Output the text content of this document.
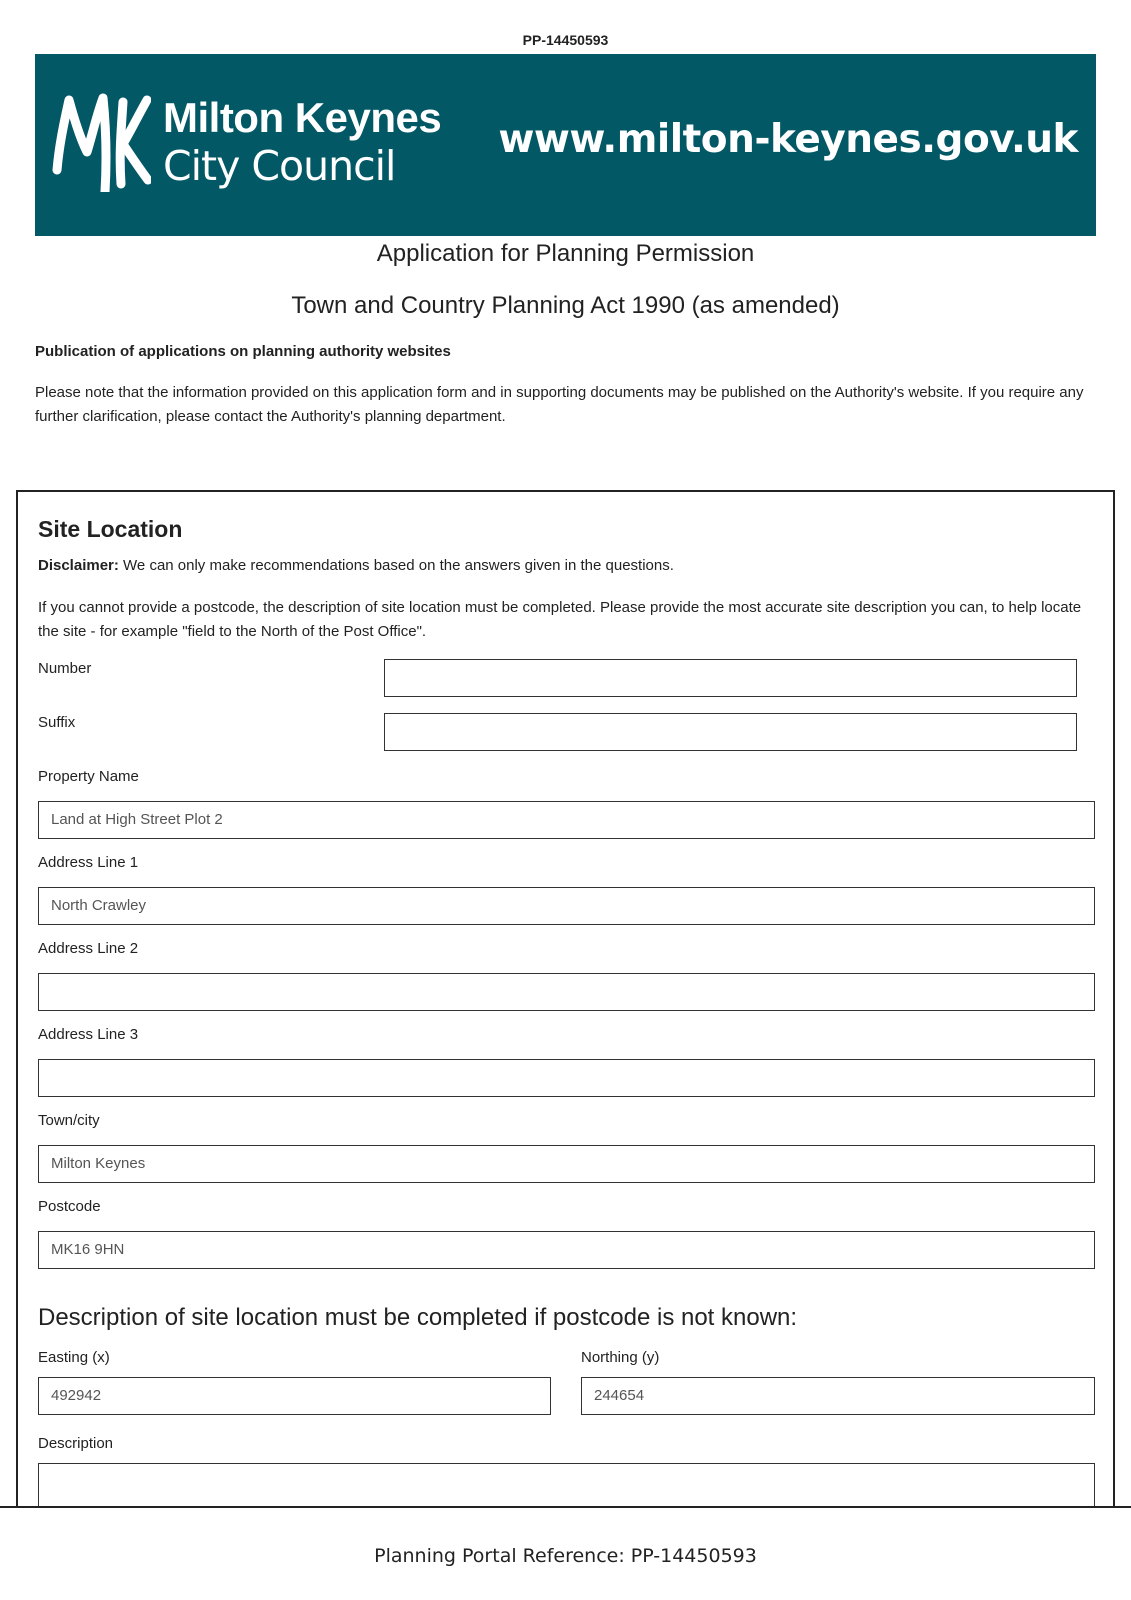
PP-14450593
Milton Keynes
City Council
www.milton-keynes.gov.uk
Application for Planning Permission
Town and Country Planning Act 1990 (as amended)
Publication of applications on planning authority websites
Please note that the information provided on this application form and in supporting documents may be published on the Authority's website. If you require any further clarification, please contact the Authority's planning department.
Site Location
Disclaimer: We can only make recommendations based on the answers given in the questions.
If you cannot provide a postcode, the description of site location must be completed. Please provide the most accurate site description you can, to help locate the site - for example "field to the North of the Post Office".
Number
Suffix
Property Name
Land at High Street Plot 2
Address Line 1
North Crawley
Address Line 2
Address Line 3
Town/city
Milton Keynes
Postcode
MK16 9HN
Description of site location must be completed if postcode is not known:
Easting (x)
492942
Northing (y)
244654
Description
Planning Portal Reference: PP-14450593
